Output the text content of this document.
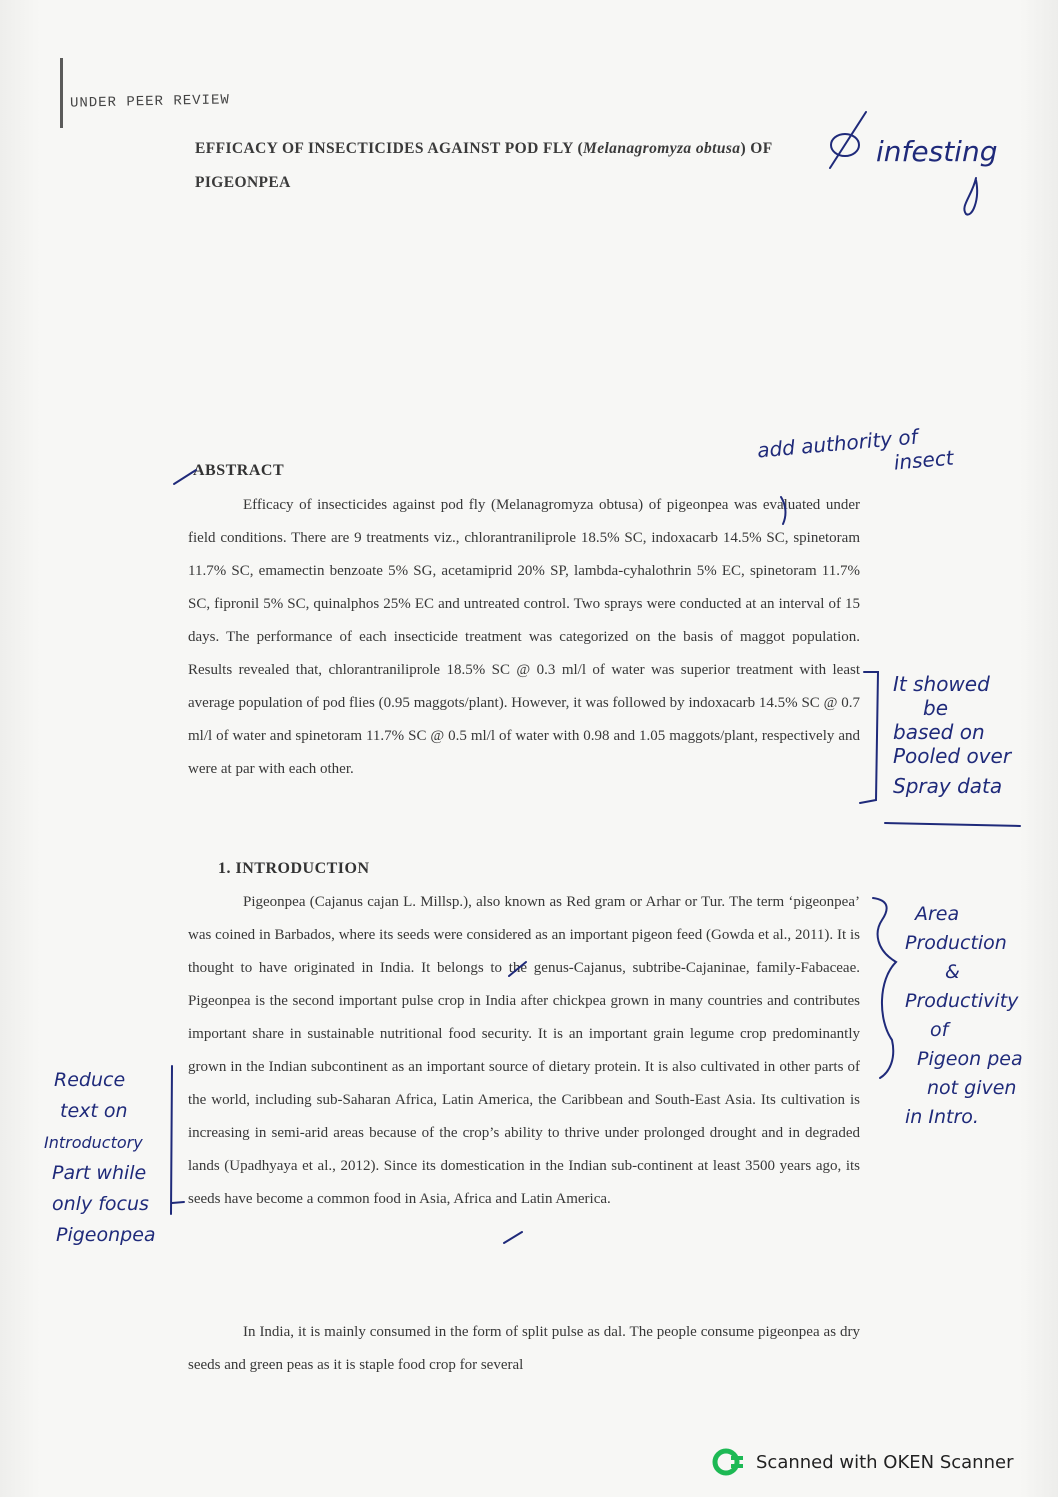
UNDER PEER REVIEW
EFFICACY OF INSECTICIDES AGAINST POD FLY (Melanagromyza obtusa) OF
PIGEONPEA
ABSTRACT
Efficacy of insecticides against pod fly (Melanagromyza obtusa) of pigeonpea was evaluated under field conditions. There are 9 treatments viz., chlorantraniliprole 18.5% SC, indoxacarb 14.5% SC, spinetoram 11.7% SC, emamectin benzoate 5% SG, acetamiprid 20% SP, lambda-cyhalothrin 5% EC, spinetoram 11.7% SC, fipronil 5% SC, quinalphos 25% EC and untreated control. Two sprays were conducted at an interval of 15 days. The performance of each insecticide treatment was categorized on the basis of maggot population. Results revealed that, chlorantraniliprole 18.5% SC @ 0.3 ml/l of water was superior treatment with least average population of pod flies (0.95 maggots/plant). However, it was followed by indoxacarb 14.5% SC @ 0.7 ml/l of water and spinetoram 11.7% SC @ 0.5 ml/l of water with 0.98 and 1.05 maggots/plant, respectively and were at par with each other.
1. INTRODUCTION
Pigeonpea (Cajanus cajan L. Millsp.), also known as Red gram or Arhar or Tur. The term ‘pigeonpea’ was coined in Barbados, where its seeds were considered as an important pigeon feed (Gowda et al., 2011). It is thought to have originated in India. It belongs to the genus-Cajanus, subtribe-Cajaninae, family-Fabaceae. Pigeonpea is the second important pulse crop in India after chickpea grown in many countries and contributes important share in sustainable nutritional food security. It is an important grain legume crop predominantly grown in the Indian subcontinent as an important source of dietary protein. It is also cultivated in other parts of the world, including sub-Saharan Africa, Latin America, the Caribbean and South-East Asia. Its cultivation is increasing in semi-arid areas because of the crop’s ability to thrive under prolonged drought and in degraded lands (Upadhyaya et al., 2012). Since its domestication in the Indian sub-continent at least 3500 years ago, its seeds have become a common food in Asia, Africa and Latin America.
In India, it is mainly consumed in the form of split pulse as dal. The people consume pigeonpea as dry seeds and green peas as it is staple food crop for several
infesting
add authority of
insect
It showed
be
based on
Pooled over
Spray data
Area
Production
&
Productivity
of
Pigeon pea
not given
in Intro.
Reduce
text on
Introductory
Part while
only focus
Pigeonpea
Scanned with OKEN Scanner
